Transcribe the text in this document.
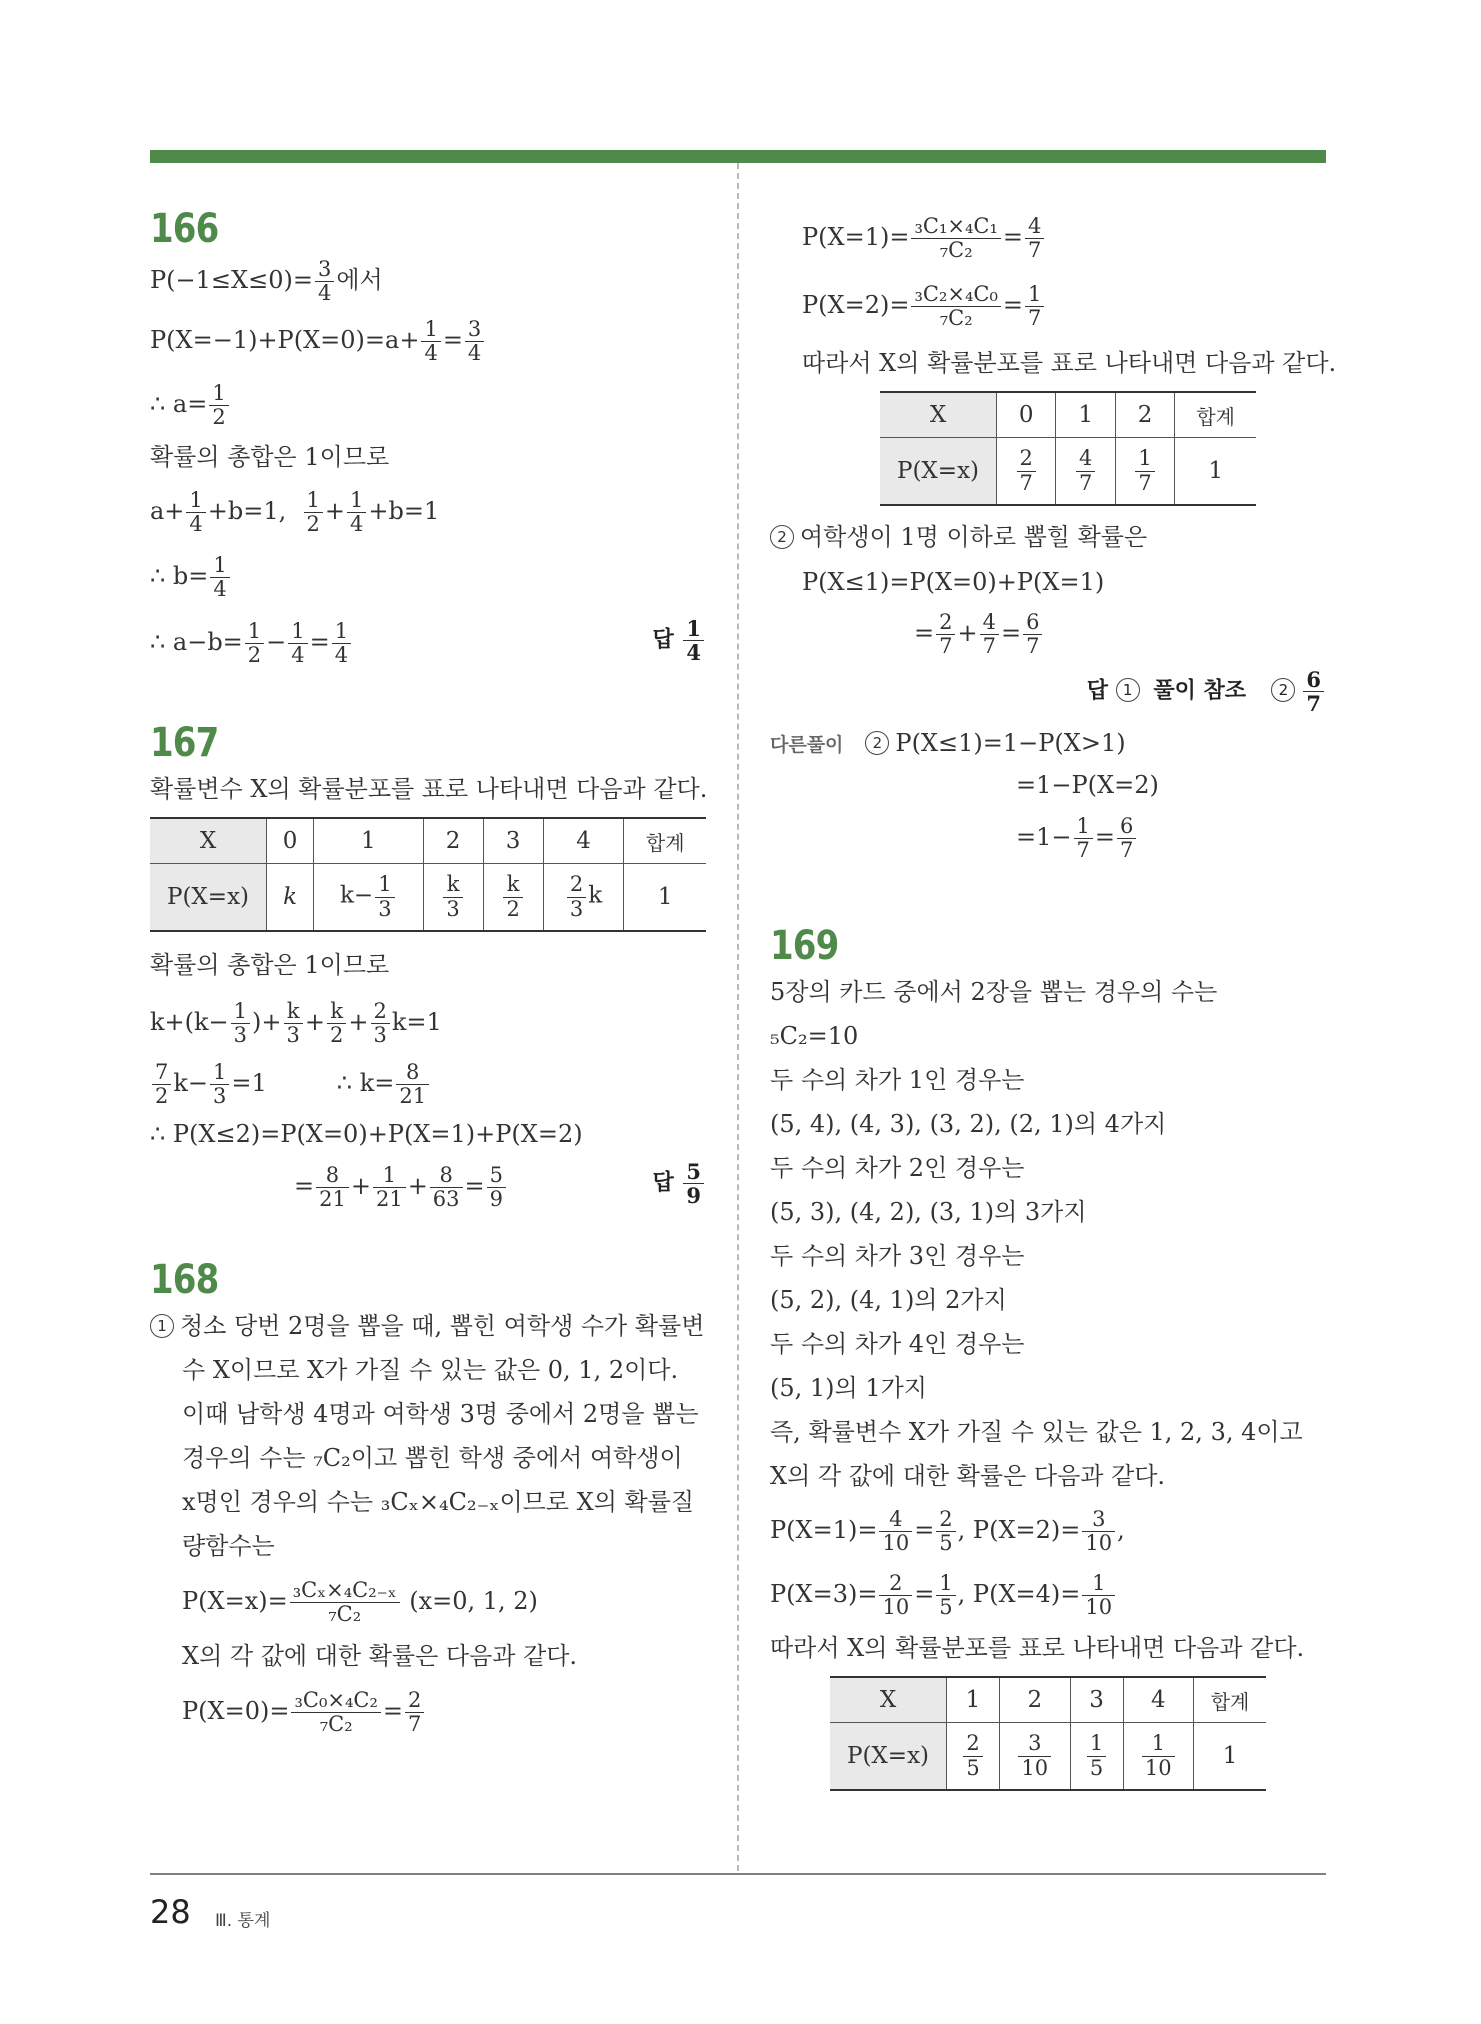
166
$P(-1\le X\le 0)= \frac{3}{4}$ 에서
$P(X=-1)+P(X=0)=a+ \frac{1}{4} = \frac{3}{4}$
∴ $a= \frac{1}{2}$
확률의 총합은 1이므로
$a+ \frac{1}{4} +b=1$, $\frac{1}{2} + \frac{1}{4} +b=1$
∴ $b= \frac{1}{4}$
∴ $a-b= \frac{1}{2} - \frac{1}{4} = \frac{1}{4}$	답 $\frac{1}{4}$
167
확률변수 X의 확률분포를 표로 나타내면 다음과 같다.
X	0	1	2	3	4	합계
P(X=x)	k	$k- \frac{1}{3}$	$\frac{k}{3}$	$\frac{k}{2}$	$\frac{2}{3}$ k	1
확률의 총합은 1이므로
$k+(k- \frac{1}{3}$ )+ $\frac{k}{3} + \frac{k}{2} + \frac{2}{3} k=1$
$\frac{7}{2} k- \frac{1}{3} =1$	∴ $k= \frac{8}{21}$
∴ P(X≤2)=P(X=0)+P(X=1)+P(X=2)
= $\frac{8}{21} + \frac{1}{21} + \frac{8}{63} = \frac{5}{9}$	답 $\frac{5}{9}$
168
1 청소 당번 2명을 뽑을 때, 뽑힌 여학생 수가 확률변
수 X이므로 X가 가질 수 있는 값은 0, 1, 2이다.
이때 남학생 4명과 여학생 3명 중에서 2명을 뽑는
경우의 수는 ₇C₂이고 뽑힌 학생 중에서 여학생이
x명인 경우의 수는 ₃Cₓ×₄C₂₋ₓ이므로 X의 확률질
량함수는
$P(X=x)= \frac{\text{₃Cₓ×₄C₂₋ₓ}}{\text{₇C₂}} (x=0$, 1, 2)
X의 각 값에 대한 확률은 다음과 같다.
$P(X=0)= \frac{\text{₃C₀×₄C₂}}{\text{₇C₂}} = \frac{2}{7}$
$P(X=1)= \frac{\text{₃C₁×₄C₁}}{\text{₇C₂}} = \frac{4}{7}$
$P(X=2)= \frac{\text{₃C₂×₄C₀}}{\text{₇C₂}} = \frac{1}{7}$
따라서 X의 확률분포를 표로 나타내면 다음과 같다.
X	0	1	2	합계
P(X=x)	$\frac{2}{7}$	$\frac{4}{7}$	$\frac{1}{7}$	1
2 여학생이 1명 이하로 뽑힐 확률은
P(X≤1)=P(X=0)+P(X=1)
= $\frac{2}{7} + \frac{4}{7} = \frac{6}{7}$
답 1 풀이 참조 $2 \frac{6}{7}$
다른풀이 2 P(X≤1)=1−P(X>1)
=1−P(X=2)
$=1- \frac{1}{7} = \frac{6}{7}$
169
5장의 카드 중에서 2장을 뽑는 경우의 수는
₅C₂=10
두 수의 차가 1인 경우는
(5, 4), (4, 3), (3, 2), (2, 1)의 4가지
두 수의 차가 2인 경우는
(5, 3), (4, 2), (3, 1)의 3가지
두 수의 차가 3인 경우는
(5, 2), (4, 1)의 2가지
두 수의 차가 4인 경우는
(5, 1)의 1가지
즉, 확률변수 X가 가질 수 있는 값은 1, 2, 3, 4이고
X의 각 값에 대한 확률은 다음과 같다.
$P(X=1)= \frac{4}{10} = \frac{2}{5}$ , $P(X=2)= \frac{3}{10}$ ,
$P(X=3)= \frac{2}{10} = \frac{1}{5}$ , $P(X=4)= \frac{1}{10}$
따라서 X의 확률분포를 표로 나타내면 다음과 같다.
X	1	2	3	4	합계
P(X=x)	$\frac{2}{5}$	$\frac{3}{10}$	$\frac{1}{5}$	$\frac{1}{10}$	1
28 Ⅲ. 통계
